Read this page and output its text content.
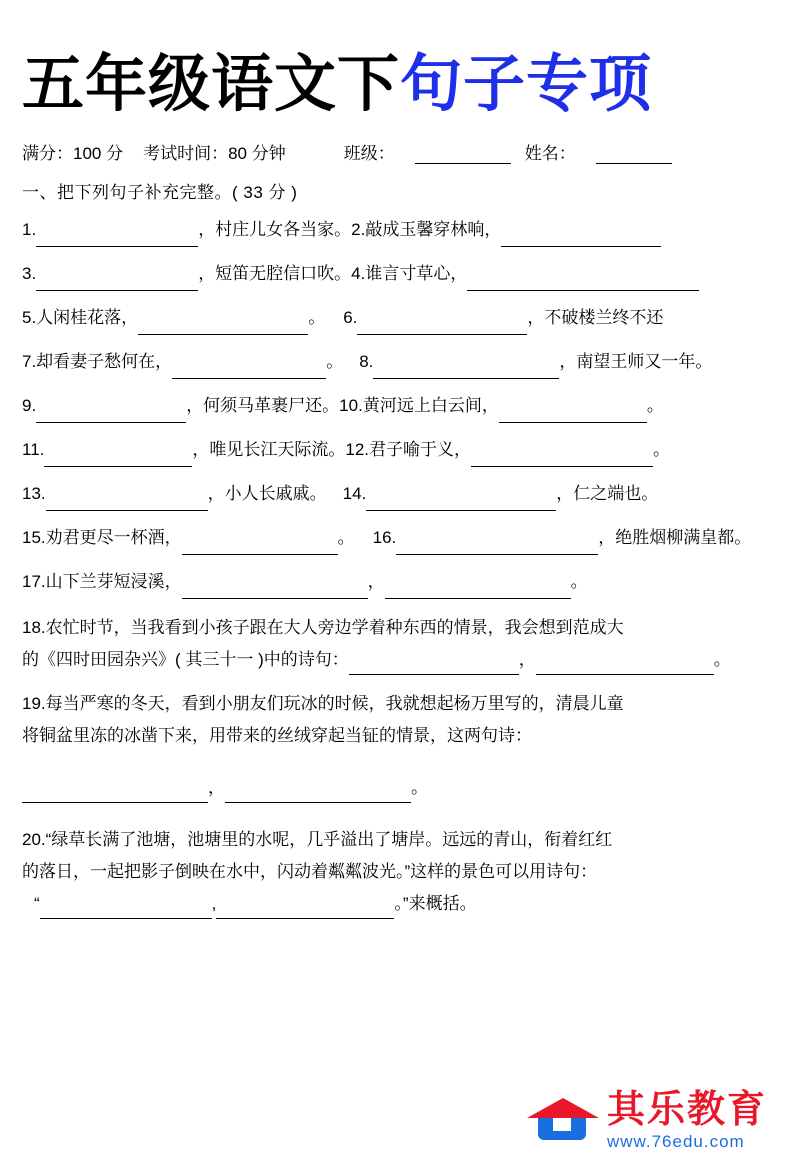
五年级语文下 句子专项
满分：100 分 考试时间：80 分钟	班级：	姓名：
一、把下列句子补充完整。( 33 分 )
1.	，村庄儿女各当家。2.敲成玉馨穿林响，
3.	，短笛无腔信口吹。4.谁言寸草心，
5.人闲桂花落，	。	6.	，不破楼兰终不还
7.却看妻子愁何在，	。 8.	，南望王师又一年。
9.	，何须马革裹尸还。10.黄河远上白云间，	。
11.	，唯见长江天际流。12.君子喻于义，	。
13.	，小人长戚戚。 14.	，仁之端也。
15.劝君更尽一杯酒，	。	16.	，绝胜烟柳满皇都。
17.山下兰芽短浸溪，	，	。
18.农忙时节，当我看到小孩子跟在大人旁边学着种东西的情景，我会想到范成大
的《四时田园杂兴》( 其三十一 )中的诗句：	，	。
19.每当严寒的冬天，看到小朋友们玩冰的时候，我就想起杨万里写的，清晨儿童
将铜盆里冻的冰凿下来，用带来的丝绒穿起当钲的情景，这两句诗：
，	。
20.“绿草长满了池塘，池塘里的水呢，几乎溢出了塘岸。远远的青山，衔着红红
的落日，一起把影子倒映在水中，闪动着粼粼波光。”这样的景色可以用诗句：
“	,	。”来概括。
其乐教育
www.76edu.com
